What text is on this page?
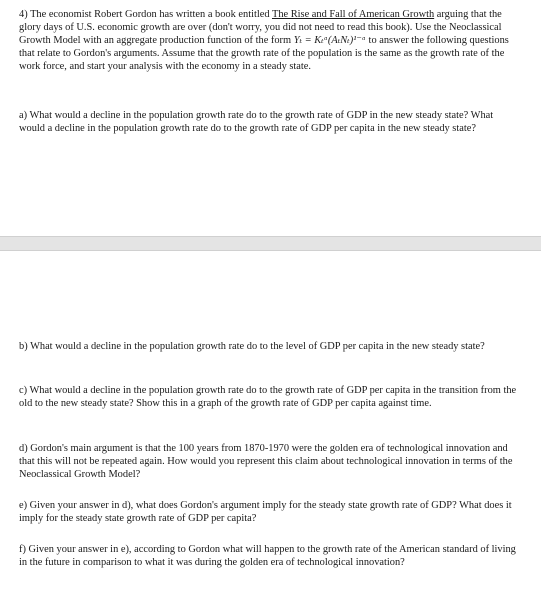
4) The economist Robert Gordon has written a book entitled The Rise and Fall of American Growth arguing that the glory days of U.S. economic growth are over (don't worry, you did not need to read this book). Use the Neoclassical Growth Model with an aggregate production function of the form Yₜ = Kₜᵅ(AₜNₜ)¹⁻ᵅ to answer the following questions that relate to Gordon's arguments. Assume that the growth rate of the population is the same as the growth rate of the work force, and start your analysis with the economy in a steady state.
a) What would a decline in the population growth rate do to the growth rate of GDP in the new steady state? What would a decline in the population growth rate do to the growth rate of GDP per capita in the new steady state?
b) What would a decline in the population growth rate do to the level of GDP per capita in the new steady state?
c) What would a decline in the population growth rate do to the growth rate of GDP per capita in the transition from the old to the new steady state? Show this in a graph of the growth rate of GDP per capita against time.
d) Gordon's main argument is that the 100 years from 1870-1970 were the golden era of technological innovation and that this will not be repeated again. How would you represent this claim about technological innovation in terms of the Neoclassical Growth Model?
e) Given your answer in d), what does Gordon's argument imply for the steady state growth rate of GDP? What does it imply for the steady state growth rate of GDP per capita?
f) Given your answer in e), according to Gordon what will happen to the growth rate of the American standard of living in the future in comparison to what it was during the golden era of technological innovation?
